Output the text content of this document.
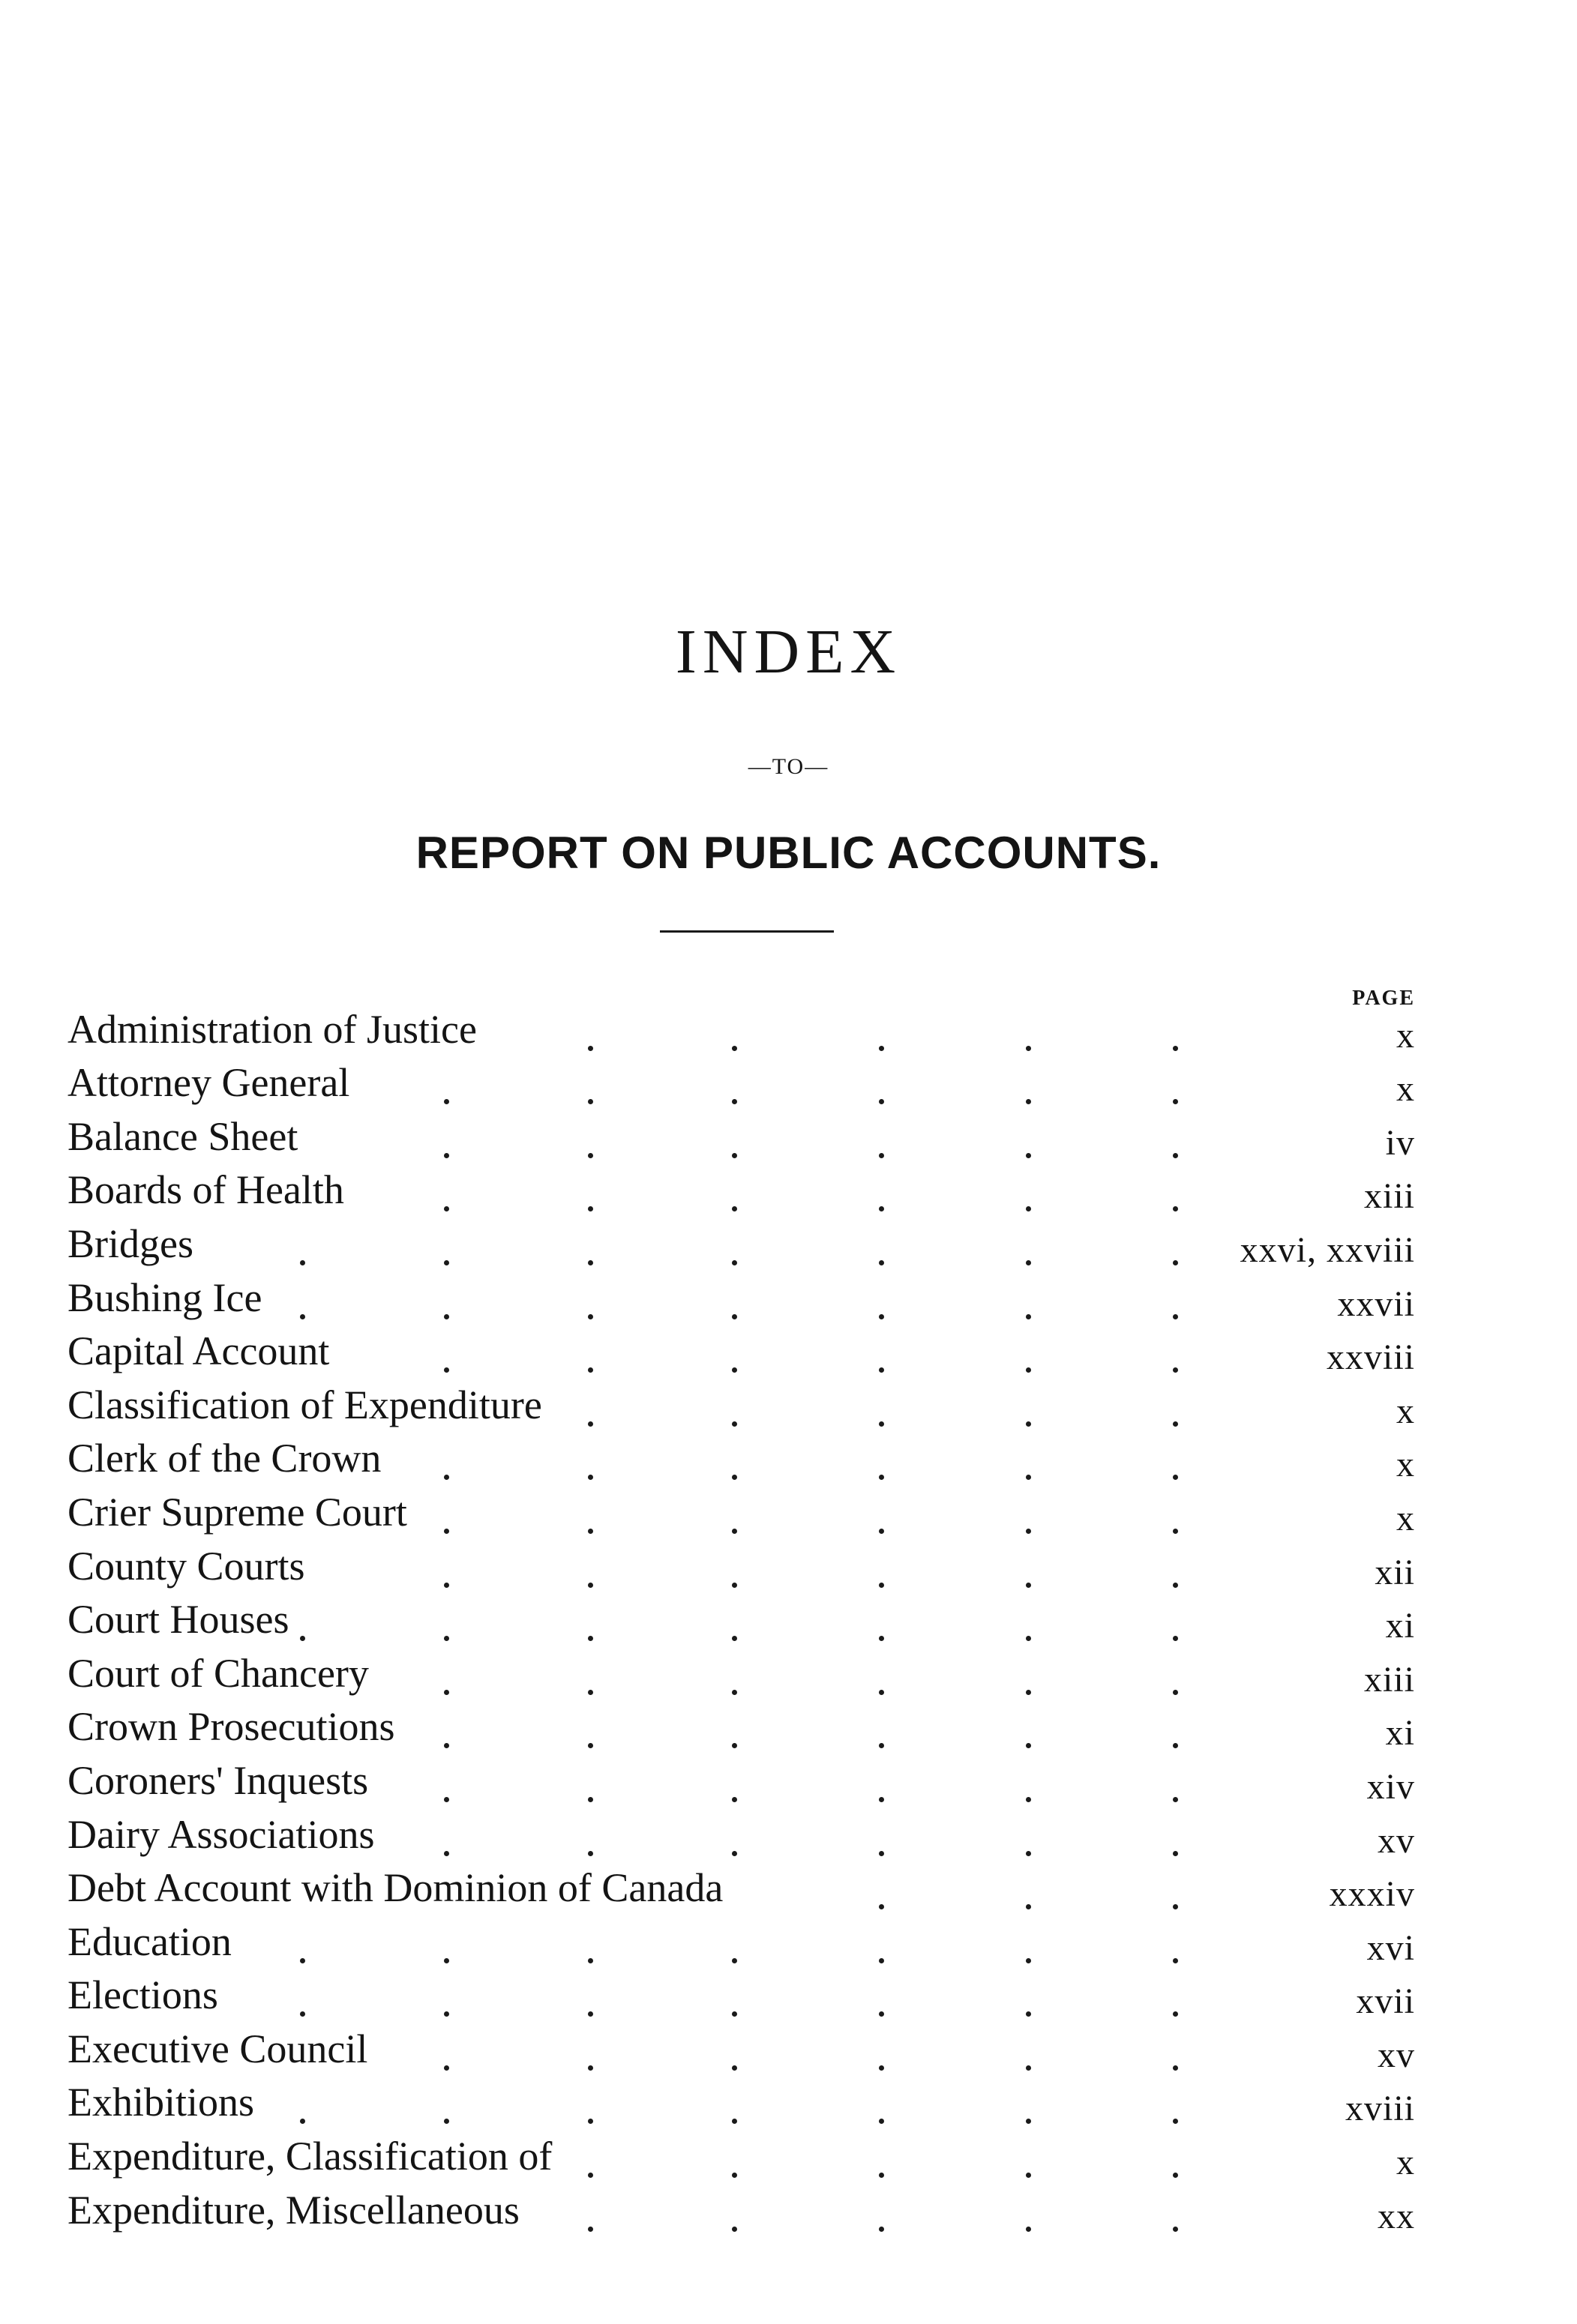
INDEX
—TO—
REPORT ON PUBLIC ACCOUNTS.
PAGE
Administration of Justice	x
Attorney General	x
Balance Sheet	iv
Boards of Health	xiii
Bridges	xxvi, xxviii
Bushing Ice	xxvii
Capital Account	xxviii
Classification of Expenditure	x
Clerk of the Crown	x
Crier Supreme Court	x
County Courts	xii
Court Houses	xi
Court of Chancery	xiii
Crown Prosecutions	xi
Coroners' Inquests	xiv
Dairy Associations	xv
Debt Account with Dominion of Canada	xxxiv
Education	xvi
Elections	xvii
Executive Council	xv
Exhibitions	xviii
Expenditure, Classification of	x
Expenditure, Miscellaneous	xx
